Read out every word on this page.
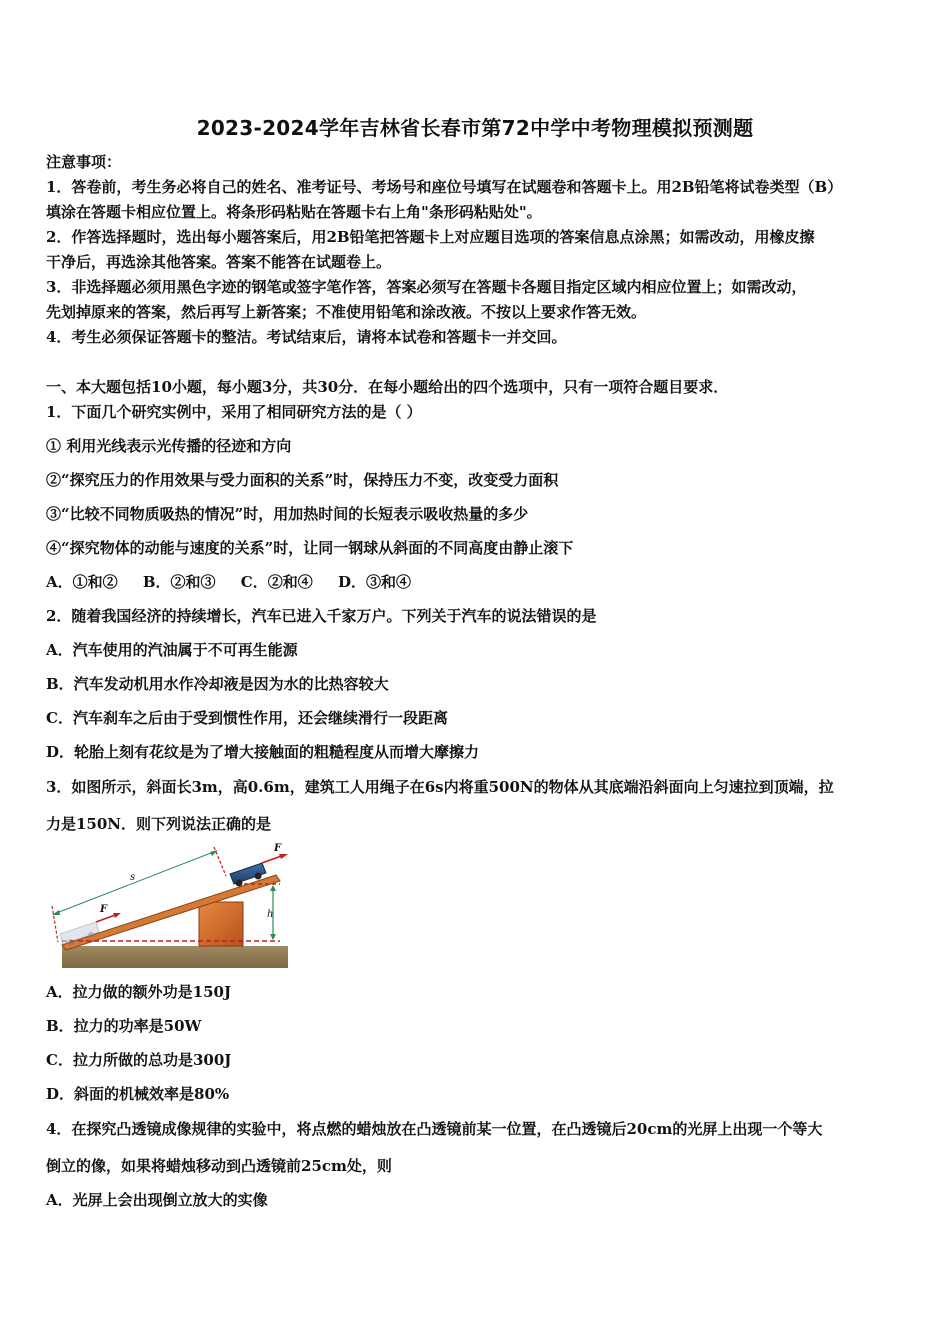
2023-2024学年吉林省长春市第72中学中考物理模拟预测题
注意事项：
1．答卷前，考生务必将自己的姓名、准考证号、考场号和座位号填写在试题卷和答题卡上。用2B铅笔将试卷类型（B）
填涂在答题卡相应位置上。将条形码粘贴在答题卡右上角"条形码粘贴处"。
2．作答选择题时，选出每小题答案后，用2B铅笔把答题卡上对应题目选项的答案信息点涂黑；如需改动，用橡皮擦
干净后，再选涂其他答案。答案不能答在试题卷上。
3．非选择题必须用黑色字迹的钢笔或签字笔作答，答案必须写在答题卡各题目指定区域内相应位置上；如需改动，
先划掉原来的答案，然后再写上新答案；不准使用铅笔和涂改液。不按以上要求作答无效。
4．考生必须保证答题卡的整洁。考试结束后，请将本试卷和答题卡一并交回。
一、本大题包括10小题，每小题3分，共30分．在每小题给出的四个选项中，只有一项符合题目要求．
1．下面几个研究实例中，采用了相同研究方法的是（ ）
① 利用光线表示光传播的径迹和方向
②“探究压力的作用效果与受力面积的关系”时，保持压力不变，改变受力面积
③“比较不同物质吸热的情况”时，用加热时间的长短表示吸收热量的多少
④“探究物体的动能与速度的关系”时，让同一钢球从斜面的不同高度由静止滚下
A．①和② B．②和③ C．②和④ D．③和④
2．随着我国经济的持续增长，汽车已进入千家万户。下列关于汽车的说法错误的是
A．汽车使用的汽油属于不可再生能源
B．汽车发动机用水作冷却液是因为水的比热容较大
C．汽车刹车之后由于受到惯性作用，还会继续滑行一段距离
D．轮胎上刻有花纹是为了增大接触面的粗糙程度从而增大摩擦力
3．如图所示，斜面长3m，高0.6m，建筑工人用绳子在6s内将重500N的物体从其底端沿斜面向上匀速拉到顶端，拉
力是150N．则下列说法正确的是
h
s
F
F
A．拉力做的额外功是150J
B．拉力的功率是50W
C．拉力所做的总功是300J
D．斜面的机械效率是80%
4．在探究凸透镜成像规律的实验中，将点燃的蜡烛放在凸透镜前某一位置，在凸透镜后20cm的光屏上出现一个等大
倒立的像，如果将蜡烛移动到凸透镜前25cm处，则
A．光屏上会出现倒立放大的实像
